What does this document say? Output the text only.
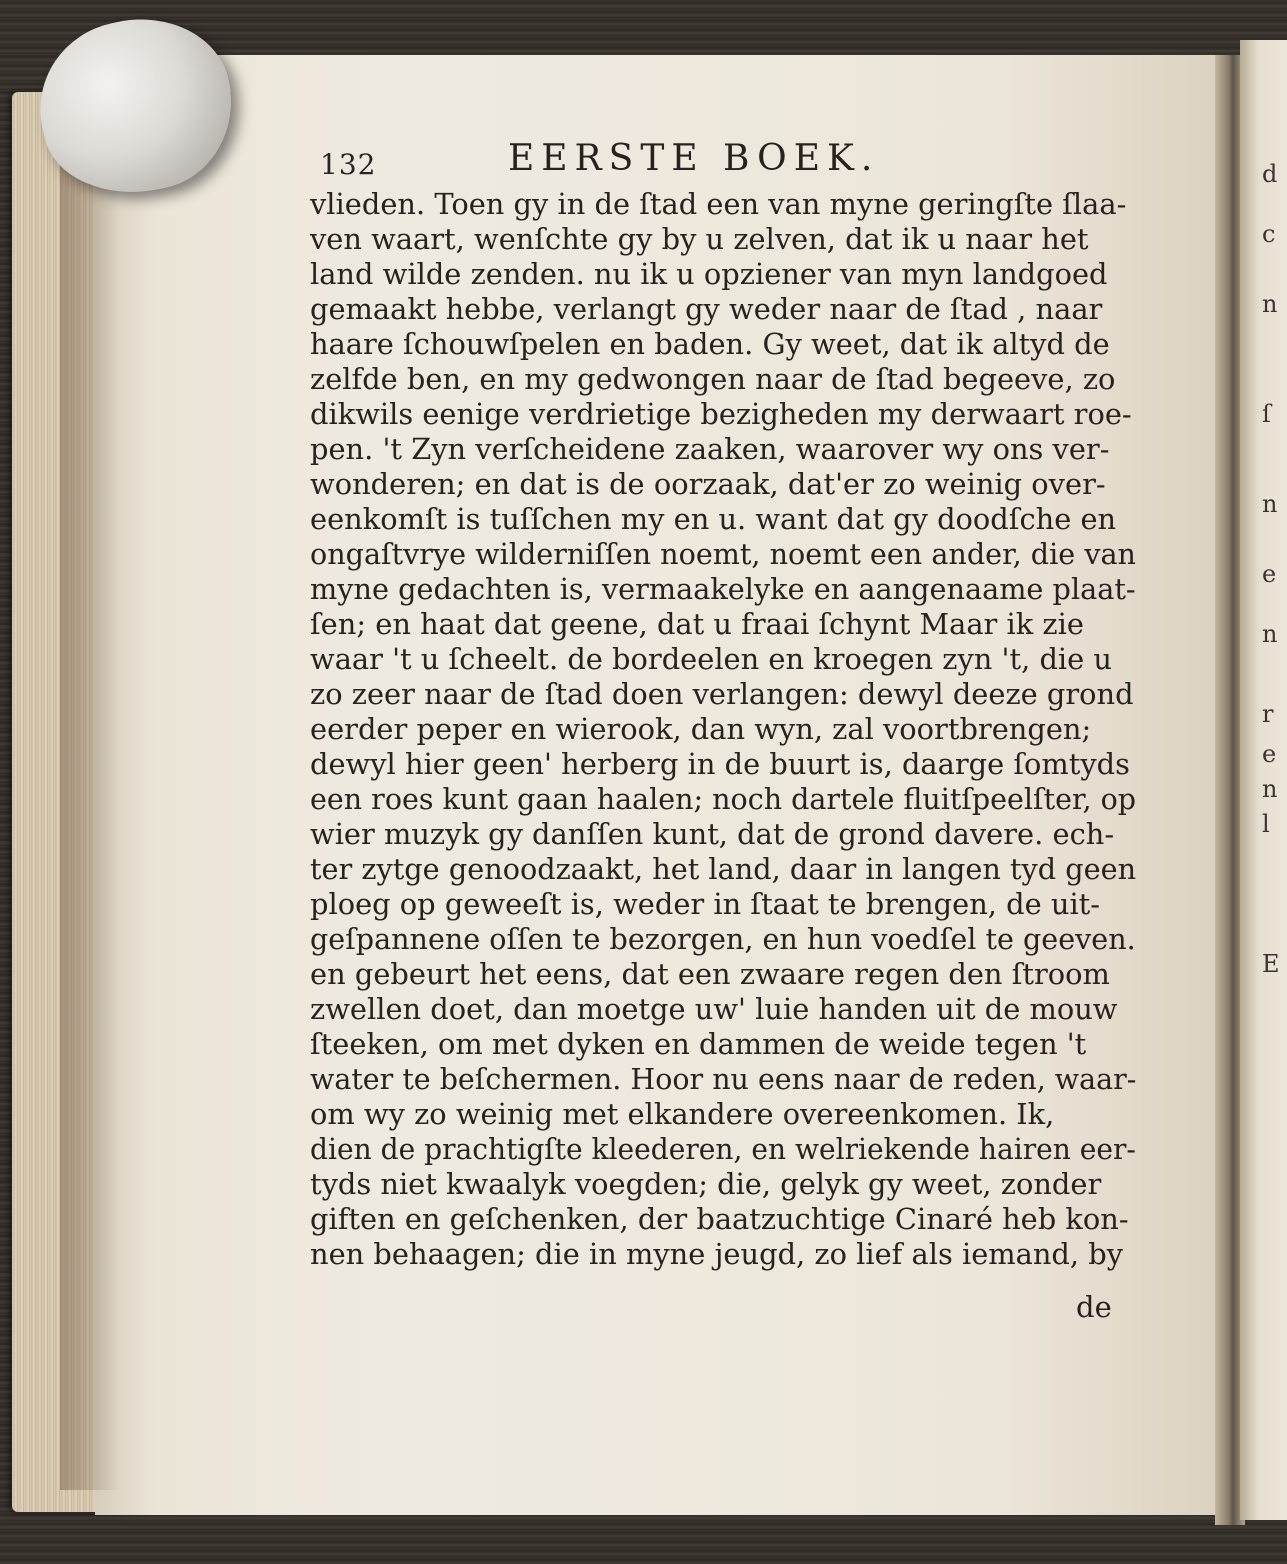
d
c
n
ſ
n
e
n
r
e
n
l
E
132	EERSTE BOEK.
vlieden. Toen gy in de ſtad een van myne geringſte ſlaa-
ven waart, wenſchte gy by u zelven, dat ik u naar het
land wilde zenden. nu ik u opziener van myn landgoed
gemaakt hebbe, verlangt gy weder naar de ſtad , naar
haare ſchouwſpelen en baden. Gy weet, dat ik altyd de
zelfde ben, en my gedwongen naar de ſtad begeeve, zo
dikwils eenige verdrietige bezigheden my derwaart roe-
pen. 't Zyn verſcheidene zaaken, waarover wy ons ver-
wonderen; en dat is de oorzaak, dat'er zo weinig over-
eenkomſt is tuſſchen my en u. want dat gy doodſche en
ongaſtvrye wilderniſſen noemt, noemt een ander, die van
myne gedachten is, vermaakelyke en aangenaame plaat-
ſen; en haat dat geene, dat u fraai ſchynt Maar ik zie
waar 't u ſcheelt. de bordeelen en kroegen zyn 't, die u
zo zeer naar de ſtad doen verlangen: dewyl deeze grond
eerder peper en wierook, dan wyn, zal voortbrengen;
dewyl hier geen' herberg in de buurt is, daarge ſomtyds
een roes kunt gaan haalen; noch dartele fluitſpeelſter, op
wier muzyk gy danſſen kunt, dat de grond davere. ech-
ter zytge genoodzaakt, het land, daar in langen tyd geen
ploeg op geweeſt is, weder in ſtaat te brengen, de uit-
geſpannene oſſen te bezorgen, en hun voedſel te geeven.
en gebeurt het eens, dat een zwaare regen den ſtroom
zwellen doet, dan moetge uw' luie handen uit de mouw
ſteeken, om met dyken en dammen de weide tegen 't
water te beſchermen. Hoor nu eens naar de reden, waar-
om wy zo weinig met elkandere overeenkomen. Ik,
dien de prachtigſte kleederen, en welriekende hairen eer-
tyds niet kwaalyk voegden; die, gelyk gy weet, zonder
giften en geſchenken, der baatzuchtige Cinaré heb kon-
nen behaagen; die in myne jeugd, zo lief als iemand, by
de
